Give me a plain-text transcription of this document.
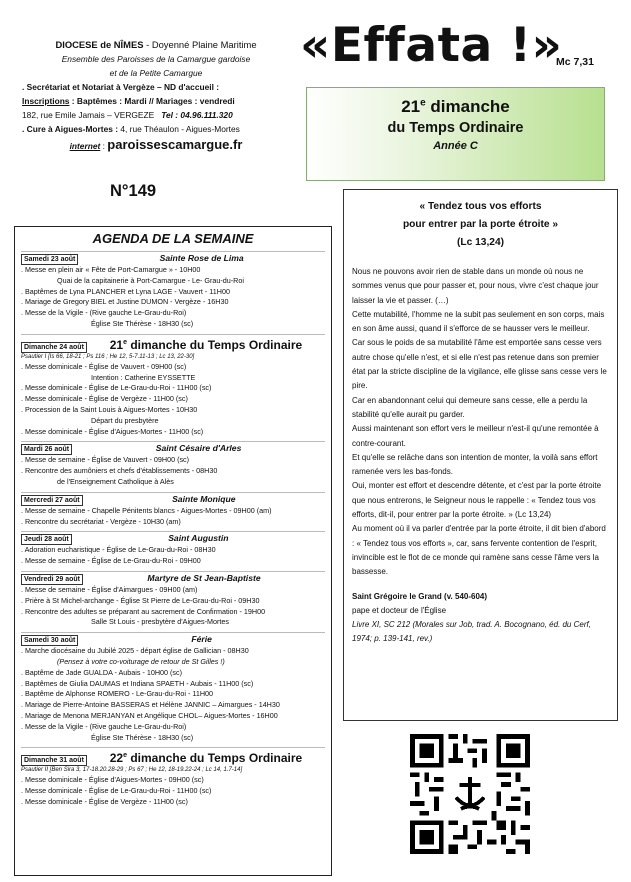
DIOCESE de NÎMES - Doyenné Plaine Maritime
Ensemble des Paroisses de la Camargue gardoise
et de la Petite Camargue
. Secrétariat et Notariat à Vergèze – ND d'accueil :
Inscriptions : Baptêmes : Mardi // Mariages : vendredi
182, rue Emile Jamais – VERGEZE Tel : 04.96.111.320
. Cure à Aigues-Mortes : 4, rue Théaulon - Aigues-Mortes
internet : paroissescamargue.fr
N°149
«Effata !»
Mc 7,31
21e dimanche
du Temps Ordinaire
Année C
AGENDA DE LA SEMAINE
Samedi 23 août	Sainte Rose de Lima
. Messe en plein air « Fête de Port-Camargue » - 10H00
Quai de la capitainerie à Port-Camargue - Le- Grau-du-Roi
. Baptêmes de Lyna PLANCHER et Lyna LAGE - Vauvert - 11H00
. Mariage de Gregory BIEL et Justine DUMON - Vergèze - 16H30
. Messe de la Vigile - (Rive gauche Le-Grau-du-Roi)
Église Ste Thérèse - 18H30 (sc)
Dimanche 24 août	21e dimanche du Temps Ordinaire
Psautier I [Is 66, 18-21 ; Ps 116 ; He 12, 5-7.11-13 ; Lc 13, 22-30]
. Messe dominicale - Église de Vauvert - 09H00 (sc)
Intention : Catherine EYSSETTE
. Messe dominicale - Église de Le-Grau-du-Roi - 11H00 (sc)
. Messe dominicale - Église de Vergèze - 11H00 (sc)
. Procession de la Saint Louis à Aigues-Mortes - 10H30
Départ du presbytère
. Messe dominicale - Église d'Aigues-Mortes - 11H00 (sc)
Mardi 26 août	Saint Césaire d'Arles
. Messe de semaine - Église de Vauvert - 09H00 (sc)
. Rencontre des aumôniers et chefs d'établissements - 08H30
de l'Enseignement Catholique à Alès
Mercredi 27 août	Sainte Monique
. Messe de semaine - Chapelle Pénitents blancs - Aigues-Mortes - 09H00 (am)
. Rencontre du secrétariat - Vergèze - 10H30 (am)
Jeudi 28 août	Saint Augustin
. Adoration eucharistique - Église de Le-Grau-du-Roi - 08H30
. Messe de semaine - Église de Le-Grau-du-Roi - 09H00
Vendredi 29 août	Martyre de St Jean-Baptiste
. Messe de semaine - Église d'Aimargues - 09H00 (am)
. Prière à St Michel-archange - Église St Pierre de Le-Grau-du-Roi - 09H30
. Rencontre des adultes se préparant au sacrement de Confirmation - 19H00
Salle St Louis - presbytère d'Aigues-Mortes
Samedi 30 août	Férie
. Marche diocésaine du Jubilé 2025 - départ église de Gallician - 08H30
(Pensez à votre co-voiturage de retour de St Gilles !)
. Baptême de Jade GUALDA - Aubais - 10H00 (sc)
. Baptêmes de Giulia DAUMAS et Indiana SPAETH - Aubais - 11H00 (sc)
. Baptême de Alphonse ROMERO - Le-Grau-du-Roi - 11H00
. Mariage de Pierre-Antoine BASSERAS et Hélène JANNIC – Aimargues - 14H30
. Mariage de Menona MERJANYAN et Angélique CHOL– Aigues-Mortes - 16H00
. Messe de la Vigile - (Rive gauche Le-Grau-du-Roi)
Église Ste Thérèse - 18H30 (sc)
Dimanche 31 août	22e dimanche du Temps Ordinaire
Psautier II [Ben Sira 3, 17-18.20.28-29 ; Ps 67 ; He 12, 18-19.22-24 ; Lc 14, 1.7-14]
. Messe dominicale - Église d'Aigues-Mortes - 09H00 (sc)
. Messe dominicale - Église de Le-Grau-du-Roi - 11H00 (sc)
. Messe dominicale - Église de Vergèze - 11H00 (sc)
« Tendez tous vos efforts
pour entrer par la porte étroite »
(Lc 13,24)

Nous ne pouvons avoir rien de stable dans un monde où nous ne sommes venus que pour passer et, pour nous, vivre c'est chaque jour laisser la vie et passer. (…)

Cette mutabilité, l'homme ne la subit pas seulement en son corps, mais en son âme aussi, quand il s'efforce de se hausser vers le meilleur.

Car sous le poids de sa mutabilité l'âme est emportée sans cesse vers autre chose qu'elle n'est, et si elle n'est pas retenue dans son premier état par la stricte discipline de la vigilance, elle glisse sans cesse vers le pire.

Car en abandonnant celui qui demeure sans cesse, elle a perdu la stabilité qu'elle aurait pu garder.

Aussi maintenant son effort vers le meilleur n'est-il qu'une remontée à contre-courant.

Et qu'elle se relâche dans son intention de monter, la voilà sans effort ramenée vers les bas-fonds.

Oui, monter est effort et descendre détente, et c'est par la porte étroite que nous entrerons, le Seigneur nous le rappelle : « Tendez tous vos efforts, dit-il, pour entrer par la porte étroite. » (Lc 13,24)

Au moment où il va parler d'entrée par la porte étroite, il dit bien d'abord : « Tendez tous vos efforts », car, sans fervente contention de l'esprit, invincible est le flot de ce monde qui ramène sans cesse l'âme vers la bassesse.

Saint Grégoire le Grand (v. 540-604)
pape et docteur de l'Église
Livre XI, SC 212 (Morales sur Job, trad. A. Bocognano, éd. du Cerf, 1974; p. 139-141, rev.)
